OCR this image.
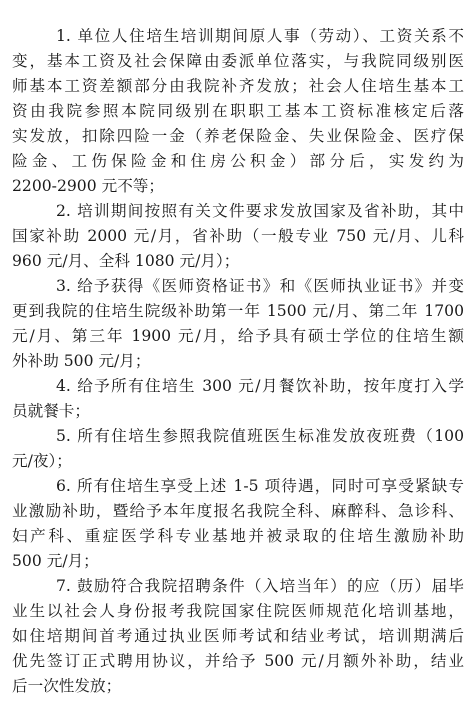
1. 单位人住培生培训期间原人事（劳动）、工资关系不
变，基本工资及社会保障由委派单位落实，与我院同级别医
师基本工资差额部分由我院补齐发放；社会人住培生基本工
资由我院参照本院同级别在职职工基本工资标准核定后落
实发放，扣除四险一金（养老保险金、失业保险金、医疗保
险金、工伤保险金和住房公积金）部分后，实发约为
2200-2900 元不等；
2. 培训期间按照有关文件要求发放国家及省补助，其中
国家补助 2000 元/月，省补助（一般专业 750 元/月、儿科
960 元/月、全科 1080 元/月）；
3. 给予获得《医师资格证书》和《医师执业证书》并变
更到我院的住培生院级补助第一年 1500 元/月、第二年 1700
元/月、第三年 1900 元/月，给予具有硕士学位的住培生额
外补助 500 元/月；
4. 给予所有住培生 300 元/月餐饮补助，按年度打入学
员就餐卡；
5. 所有住培生参照我院值班医生标准发放夜班费（100
元/夜）；
6. 所有住培生享受上述 1-5 项待遇，同时可享受紧缺专
业激励补助，暨给予本年度报名我院全科、麻醉科、急诊科、
妇产科、重症医学科专业基地并被录取的住培生激励补助
500 元/月；
7. 鼓励符合我院招聘条件（入培当年）的应（历）届毕
业生以社会人身份报考我院国家住院医师规范化培训基地，
如住培期间首考通过执业医师考试和结业考试，培训期满后
优先签订正式聘用协议，并给予 500 元/月额外补助，结业
后一次性发放；
